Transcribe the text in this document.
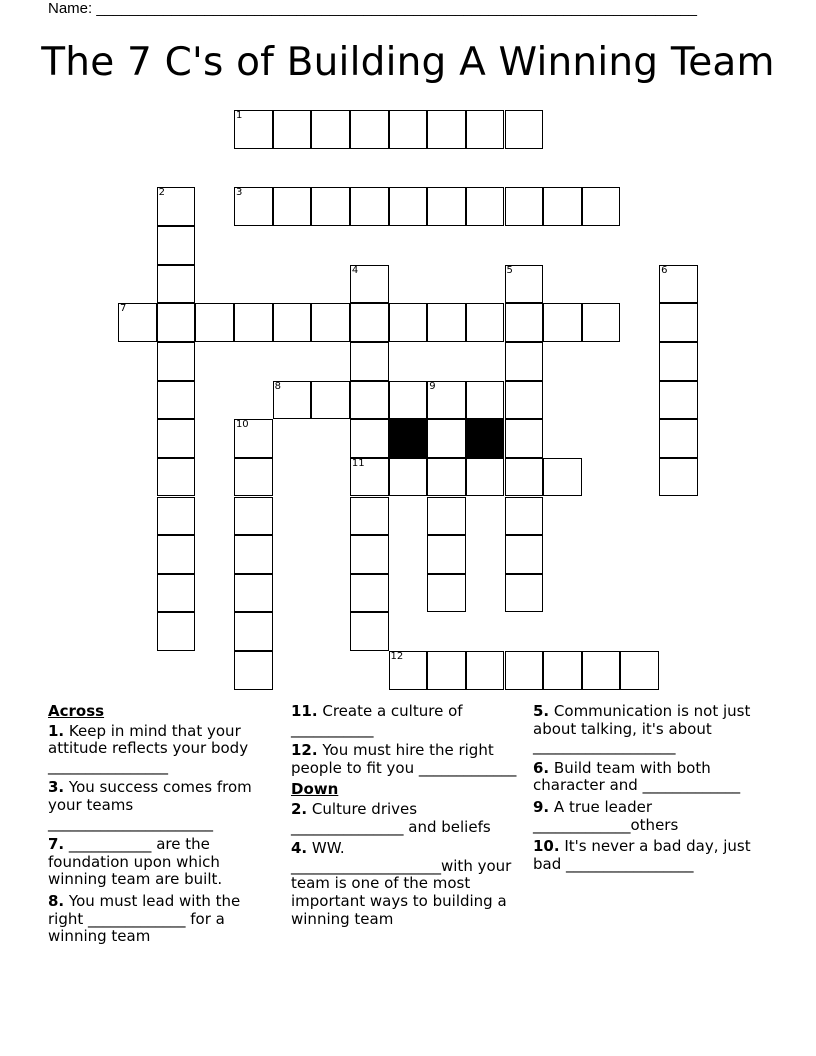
Name: ________________________________________________________________________
The 7 C's of Building A Winning Team
1
3
7
8	9
11
12
2
4	5	6
10
Across
1. Keep in mind that your attitude reflects your body ________________
3. You success comes from your teams ______________________
7. ___________ are the foundation upon which winning team are built.
8. You must lead with the right _____________ for a winning team
11. Create a culture of ___________
12. You must hire the right people to fit you _____________
Down
2. Culture drives _______________ and beliefs
4. WW. ____________________with your team is one of the most important ways to building a winning team
5. Communication is not just about talking, it's about ___________________
6. Build team with both character and _____________
9. A true leader _____________others
10. It's never a bad day, just bad _________________
